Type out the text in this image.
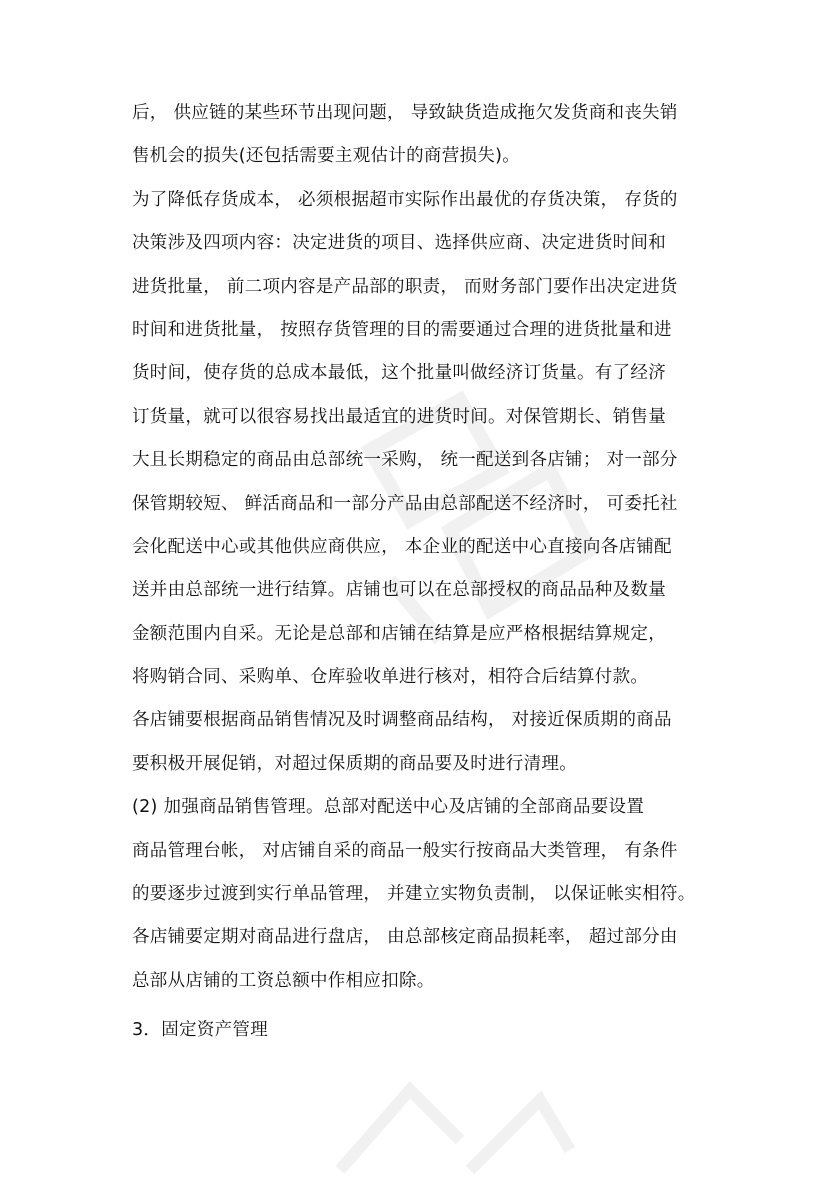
后， 供应链的某些环节出现问题， 导致缺货造成拖欠发货商和丧失销
售机会的损失(还包括需要主观估计的商营损失)。
为了降低存货成本， 必须根据超市实际作出最优的存货决策， 存货的
决策涉及四项内容：决定进货的项目、选择供应商、决定进货时间和
进货批量， 前二项内容是产品部的职责， 而财务部门要作出决定进货
时间和进货批量， 按照存货管理的目的需要通过合理的进货批量和进
货时间，使存货的总成本最低，这个批量叫做经济订货量。有了经济
订货量，就可以很容易找出最适宜的进货时间。对保管期长、销售量
大且长期稳定的商品由总部统一采购， 统一配送到各店铺； 对一部分
保管期较短、 鲜活商品和一部分产品由总部配送不经济时， 可委托社
会化配送中心或其他供应商供应， 本企业的配送中心直接向各店铺配
送并由总部统一进行结算。店铺也可以在总部授权的商品品种及数量
金额范围内自采。无论是总部和店铺在结算是应严格根据结算规定，
将购销合同、采购单、仓库验收单进行核对，相符合后结算付款。
各店铺要根据商品销售情况及时调整商品结构， 对接近保质期的商品
要积极开展促销，对超过保质期的商品要及时进行清理。
(2) 加强商品销售管理。总部对配送中心及店铺的全部商品要设置
商品管理台帐， 对店铺自采的商品一般实行按商品大类管理， 有条件
的要逐步过渡到实行单品管理， 并建立实物负责制， 以保证帐实相符。
各店铺要定期对商品进行盘店， 由总部核定商品损耗率， 超过部分由
总部从店铺的工资总额中作相应扣除。
3．固定资产管理
